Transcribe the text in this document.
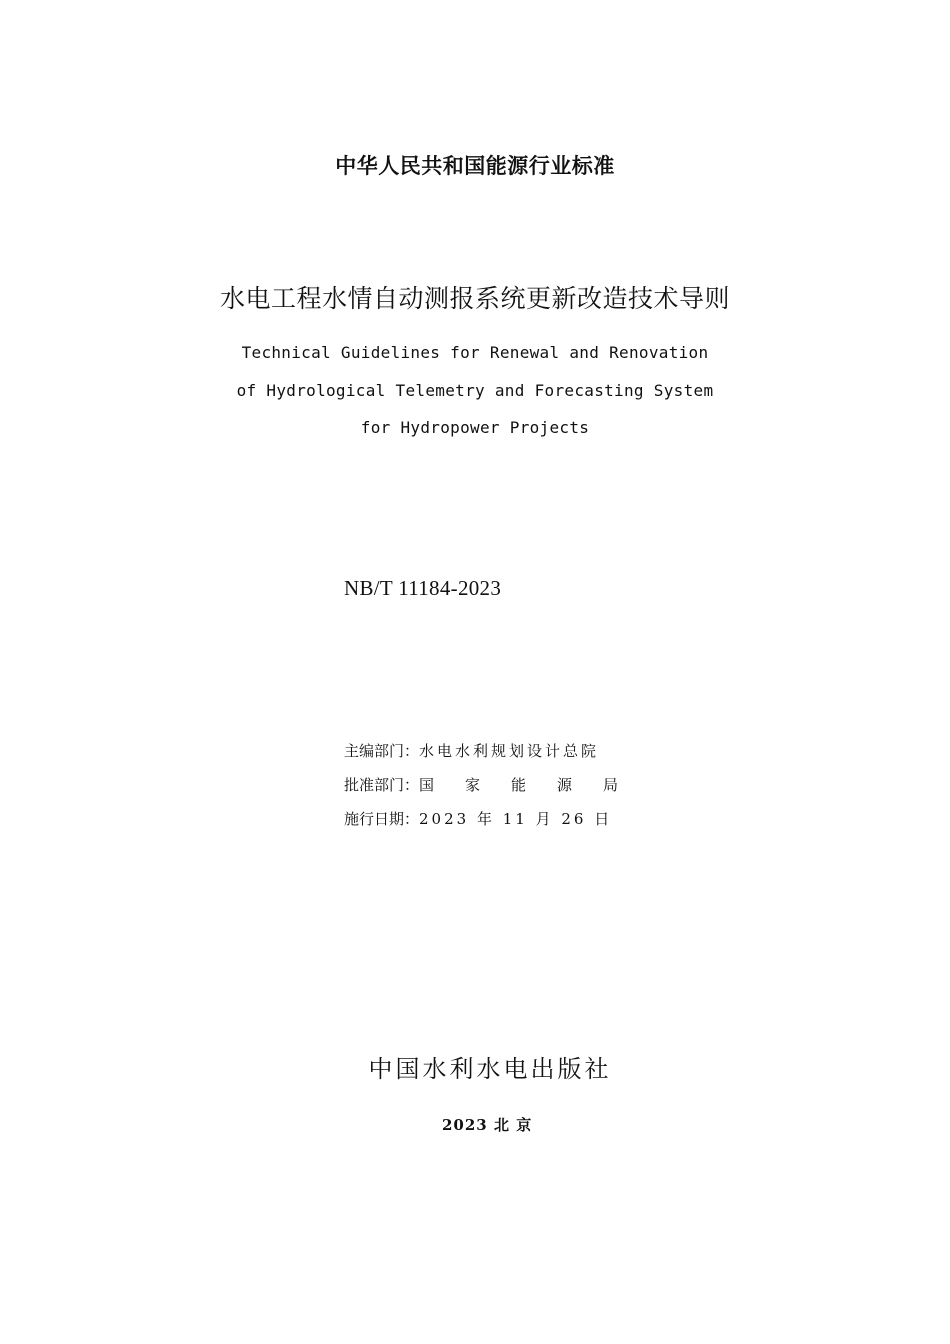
中华人民共和国能源行业标准
水电工程水情自动测报系统更新改造技术导则
Technical Guidelines for Renewal and Renovation
of Hydrological Telemetry and Forecasting System
for Hydropower Projects
NB/T 11184-2023
主编部门：水电水利规划设计总院
批准部门：国家能源局
施行日期：2023 年 11 月 26 日
中国水利水电出版社
2023 北 京
